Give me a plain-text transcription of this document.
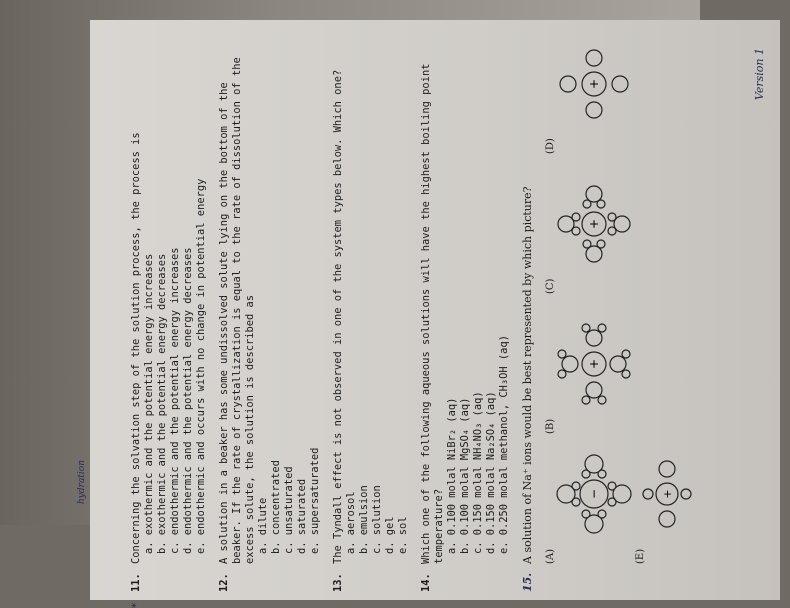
hydration
*
11.
Concerning the solvation step of the solution process, the process is a. exothermic and the potential energy increases b. exothermic and the potential energy decreases c. endothermic and the potential energy increases d. endothermic and the potential energy decreases e. endothermic and occurs with no change in potential energy
12.
A solution in a beaker has some undissolved solute lying on the bottom of the beaker. If the rate of crystallization is equal to the rate of dissolution of the excess solute, the solution is described as a. dilute b. concentrated c. unsaturated d. saturated e. supersaturated
13.
The Tyndall effect is not observed in one of the system types below. Which one? a. aerosol b. emulsion c. solution d. gel e. sol
14.
Which one of the following aqueous solutions will have the highest boiling point temperature? a. 0.100 molal NiBr₂ (aq) b. 0.100 molal MgSO₄ (aq) c. 0.150 molal NH₄NO₃ (aq) d. 0.150 molal Na₂SO₄ (aq) e. 0.250 molal methanol, CH₃OH (aq)
15.
A solution of Na⁺ ions would be best represented by which picture? (A)
(B)
(C)
(D)
(E)
−
+
+
+
+
Version 1
